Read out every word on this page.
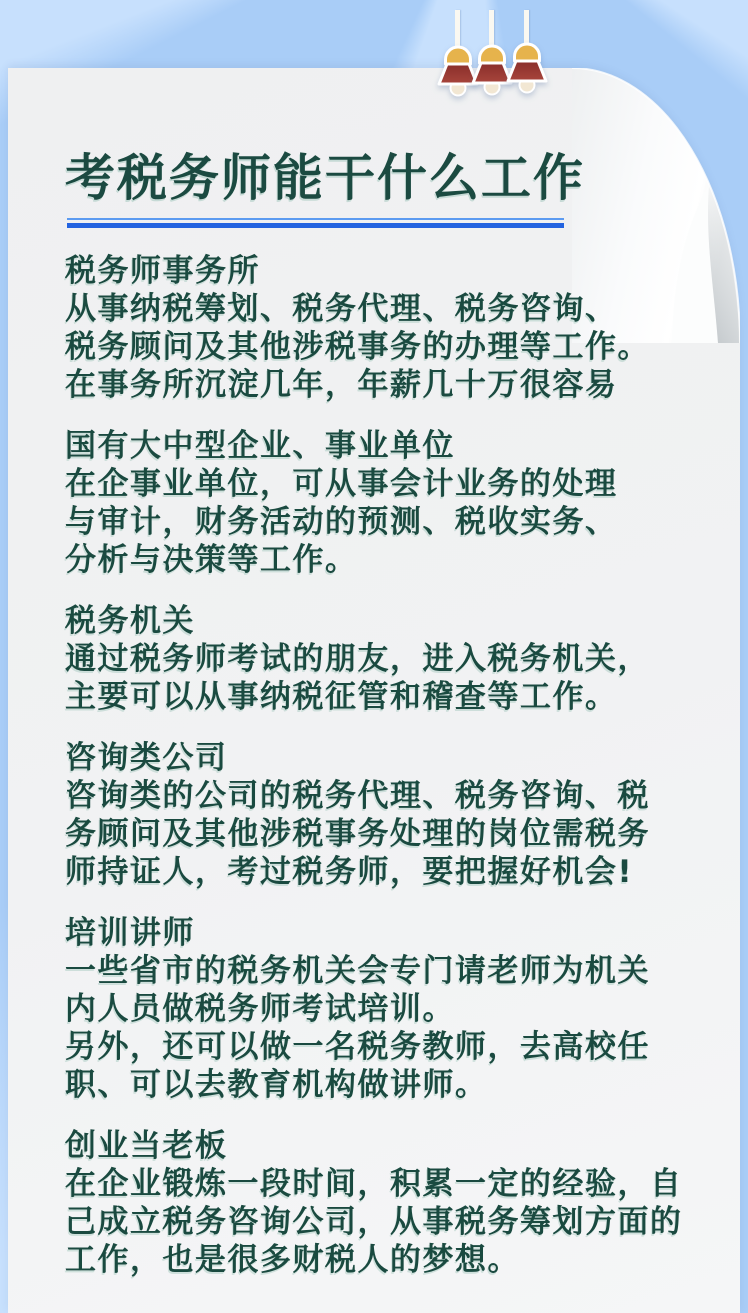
考税务师能干什么工作
税务师事务所
从事纳税筹划、税务代理、税务咨询、
税务顾问及其他涉税事务的办理等工作。
在事务所沉淀几年，年薪几十万很容易
国有大中型企业、事业单位
在企事业单位，可从事会计业务的处理
与审计，财务活动的预测、税收实务、
分析与决策等工作。
税务机关
通过税务师考试的朋友，进入税务机关，
主要可以从事纳税征管和稽查等工作。
咨询类公司
咨询类的公司的税务代理、税务咨询、税
务顾问及其他涉税事务处理的岗位需税务
师持证人，考过税务师，要把握好机会!
培训讲师
一些省市的税务机关会专门请老师为机关
内人员做税务师考试培训。
另外，还可以做一名税务教师，去高校任
职、可以去教育机构做讲师。
创业当老板
在企业锻炼一段时间，积累一定的经验，自
己成立税务咨询公司，从事税务筹划方面的
工作，也是很多财税人的梦想。
